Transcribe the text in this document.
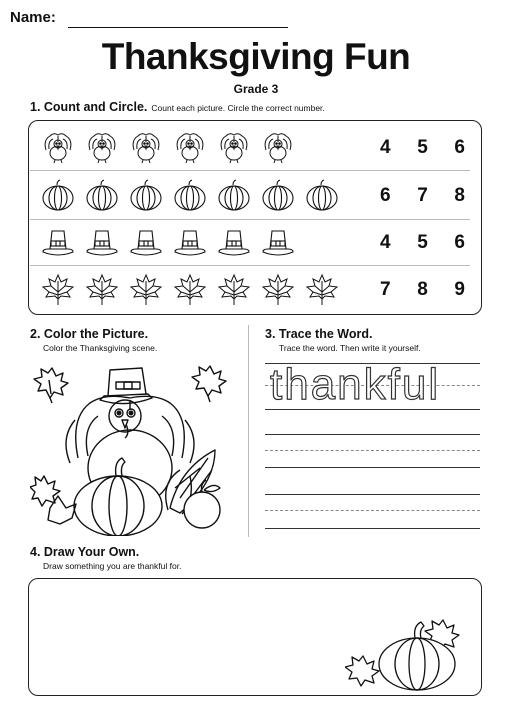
Name:
Thanksgiving Fun
Grade 3
1. Count and Circle. Count each picture. Circle the correct number.
4 5 6
6 7 8
4 5 6
7 8 9
2. Color the Picture.
Color the Thanksgiving scene.
3. Trace the Word.
Trace the word. Then write it yourself.
thankful
4. Draw Your Own.
Draw something you are thankful for.
